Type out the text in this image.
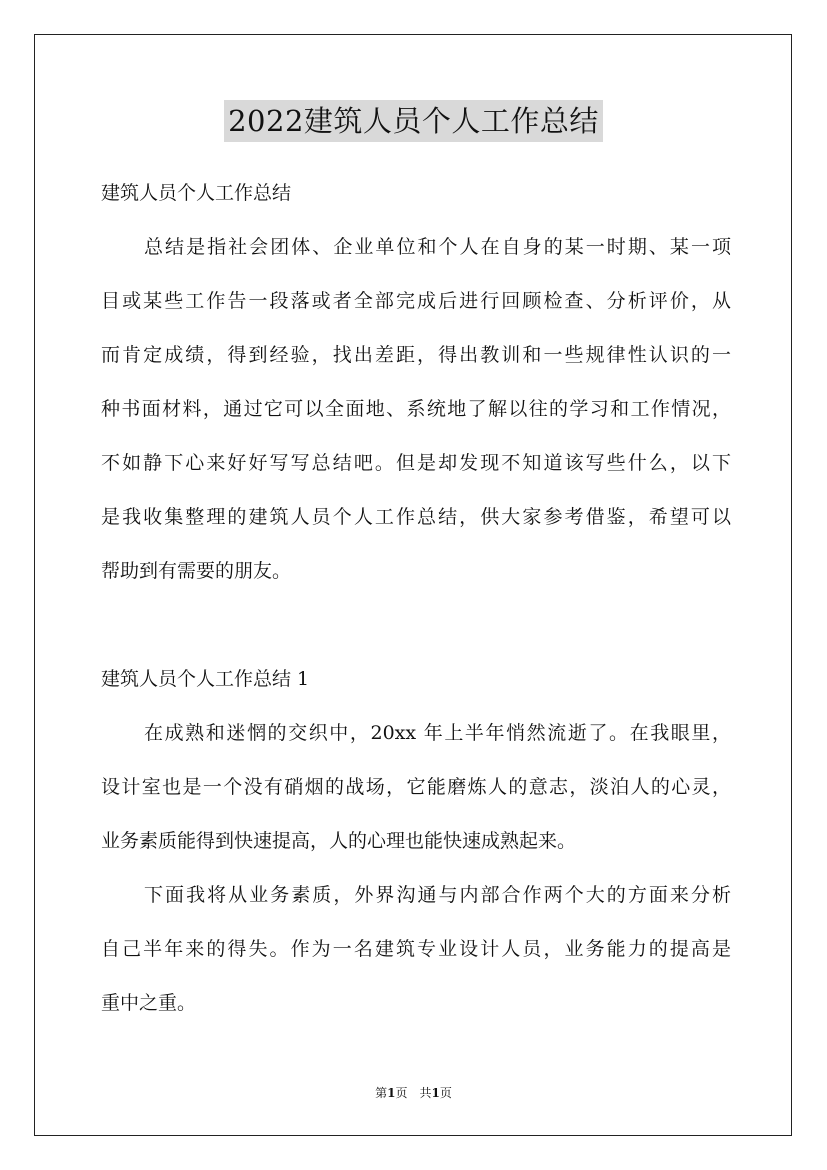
2022建筑人员个人工作总结
建筑人员个人工作总结
总结是指社会团体、企业单位和个人在自身的某一时期、某一项
目或某些工作告一段落或者全部完成后进行回顾检查、分析评价，从
而肯定成绩，得到经验，找出差距，得出教训和一些规律性认识的一
种书面材料，通过它可以全面地、系统地了解以往的学习和工作情况，
不如静下心来好好写写总结吧。但是却发现不知道该写些什么，以下
是我收集整理的建筑人员个人工作总结，供大家参考借鉴，希望可以
帮助到有需要的朋友。
建筑人员个人工作总结 1
在成熟和迷惘的交织中，20xx 年上半年悄然流逝了。在我眼里，
设计室也是一个没有硝烟的战场，它能磨炼人的意志，淡泊人的心灵，
业务素质能得到快速提高，人的心理也能快速成熟起来。
下面我将从业务素质，外界沟通与内部合作两个大的方面来分析
自己半年来的得失。作为一名建筑专业设计人员，业务能力的提高是
重中之重。
第1页　共1页
